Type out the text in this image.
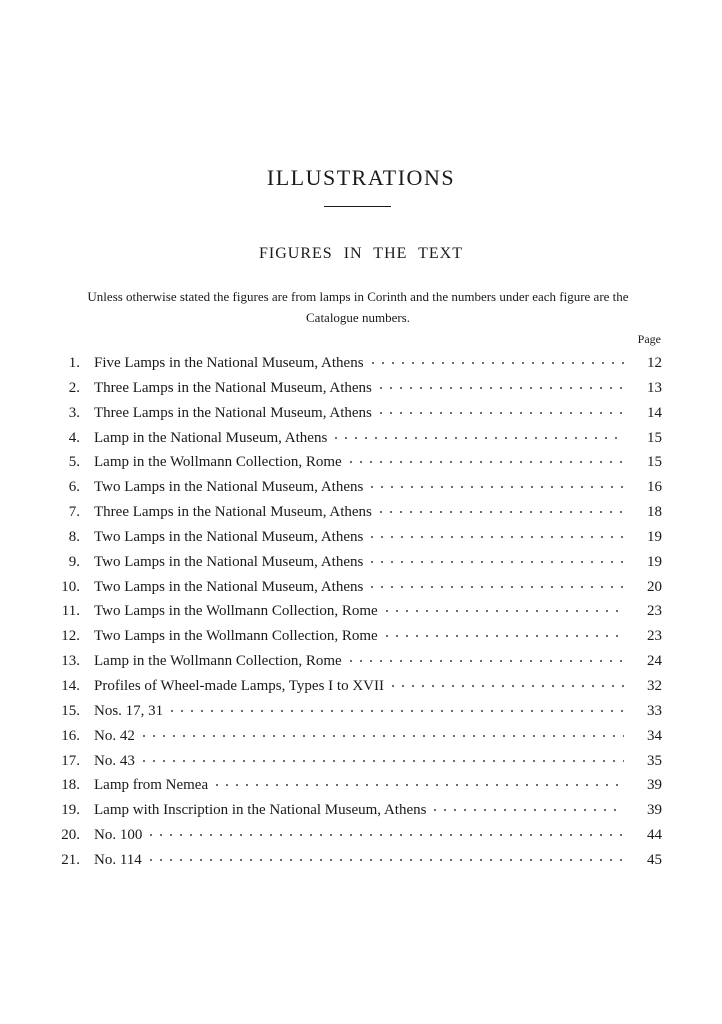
ILLUSTRATIONS
FIGURES IN THE TEXT

Unless otherwise stated the figures are from lamps in Corinth and the numbers under each figure are the Catalogue numbers.

Page
1. Five Lamps in the National Museum, Athens	12
2. Three Lamps in the National Museum, Athens	13
3. Three Lamps in the National Museum, Athens	14
4. Lamp in the National Museum, Athens	15
5. Lamp in the Wollmann Collection, Rome	15
6. Two Lamps in the National Museum, Athens	16
7. Three Lamps in the National Museum, Athens	18
8. Two Lamps in the National Museum, Athens	19
9. Two Lamps in the National Museum, Athens	19
10. Two Lamps in the National Museum, Athens	20
11. Two Lamps in the Wollmann Collection, Rome	23
12. Two Lamps in the Wollmann Collection, Rome	23
13. Lamp in the Wollmann Collection, Rome	24
14. Profiles of Wheel-made Lamps, Types I to XVII	32
15. Nos. 17, 31	33
16. No. 42	34
17. No. 43	35
18. Lamp from Nemea	39
19. Lamp with Inscription in the National Museum, Athens	39
20. No. 100	44
21. No. 114	45
